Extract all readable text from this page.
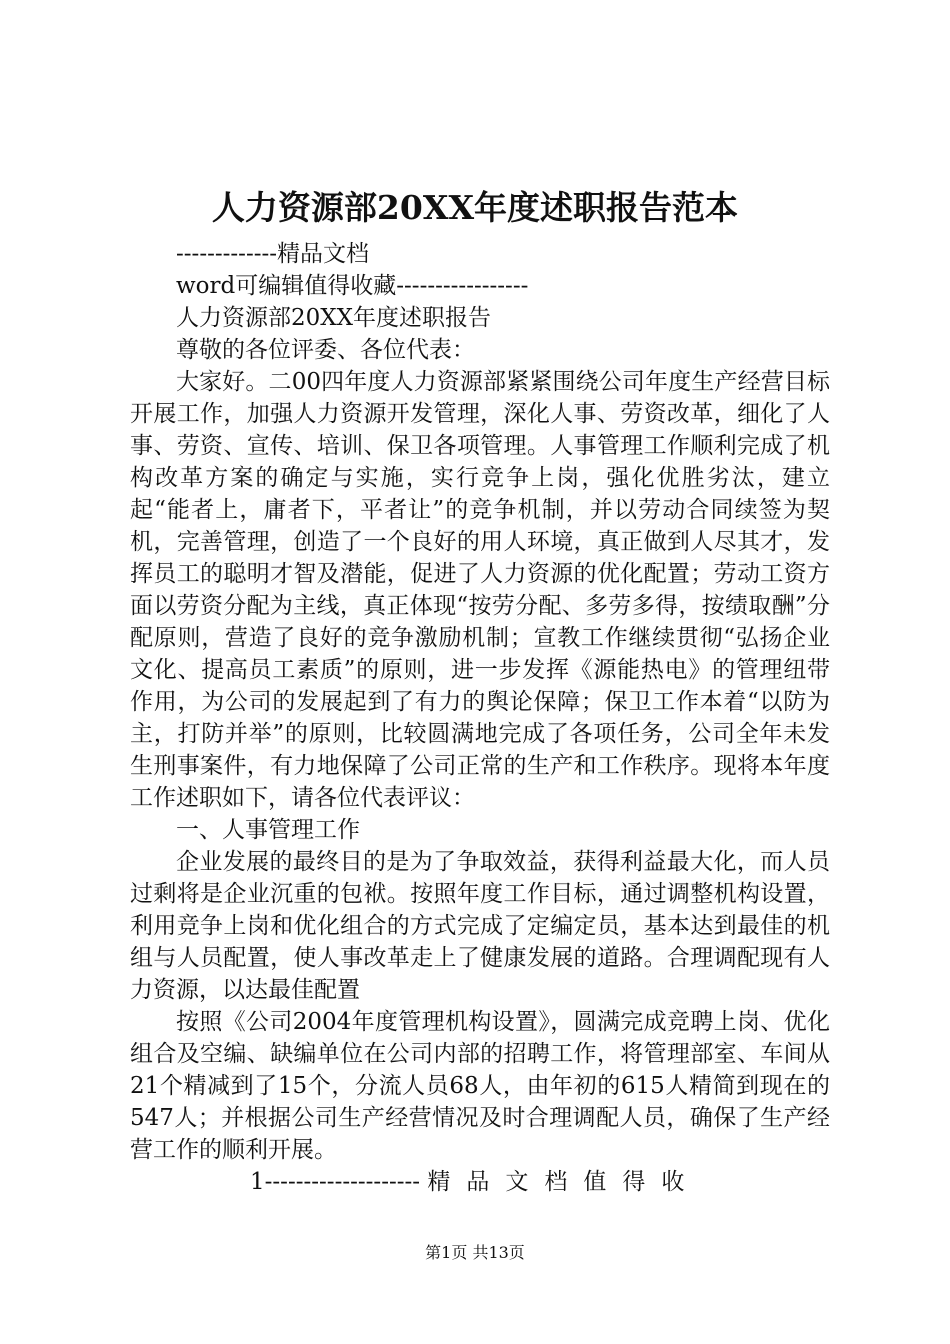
人力资源部20XX年度述职报告范本

-------------精品文档

word可编辑值得收藏-----------------

人力资源部20XX年度述职报告

尊敬的各位评委、各位代表：

大家好。二00四年度人力资源部紧紧围绕公司年度生产经营目标开展工作，加强人力资源开发管理，深化人事、劳资改革，细化了人事、劳资、宣传、培训、保卫各项管理。人事管理工作顺利完成了机构改革方案的确定与实施，实行竞争上岗，强化优胜劣汰，建立起“能者上，庸者下，平者让”的竞争机制，并以劳动合同续签为契机，完善管理，创造了一个良好的用人环境，真正做到人尽其才，发挥员工的聪明才智及潜能，促进了人力资源的优化配置；劳动工资方面以劳资分配为主线，真正体现“按劳分配、多劳多得，按绩取酬”分配原则，营造了良好的竞争激励机制；宣教工作继续贯彻“弘扬企业文化、提高员工素质”的原则，进一步发挥《源能热电》的管理纽带作用，为公司的发展起到了有力的舆论保障；保卫工作本着“以防为主，打防并举”的原则，比较圆满地完成了各项任务，公司全年未发生刑事案件，有力地保障了公司正常的生产和工作秩序。现将本年度工作述职如下，请各位代表评议：

一、人事管理工作

企业发展的最终目的是为了争取效益，获得利益最大化，而人员过剩将是企业沉重的包袱。按照年度工作目标，通过调整机构设置，利用竞争上岗和优化组合的方式完成了定编定员，基本达到最佳的机组与人员配置，使人事改革走上了健康发展的道路。合理调配现有人力资源，以达最佳配置

按照《公司2004年度管理机构设置》，圆满完成竞聘上岗、优化组合及空编、缺编单位在公司内部的招聘工作，将管理部室、车间从21个精减到了15个，分流人员68人，由年初的615人精简到现在的547人；并根据公司生产经营情况及时合理调配人员，确保了生产经营工作的顺利开展。

1-------------------- 精品文档值得收

第1页 共13页
